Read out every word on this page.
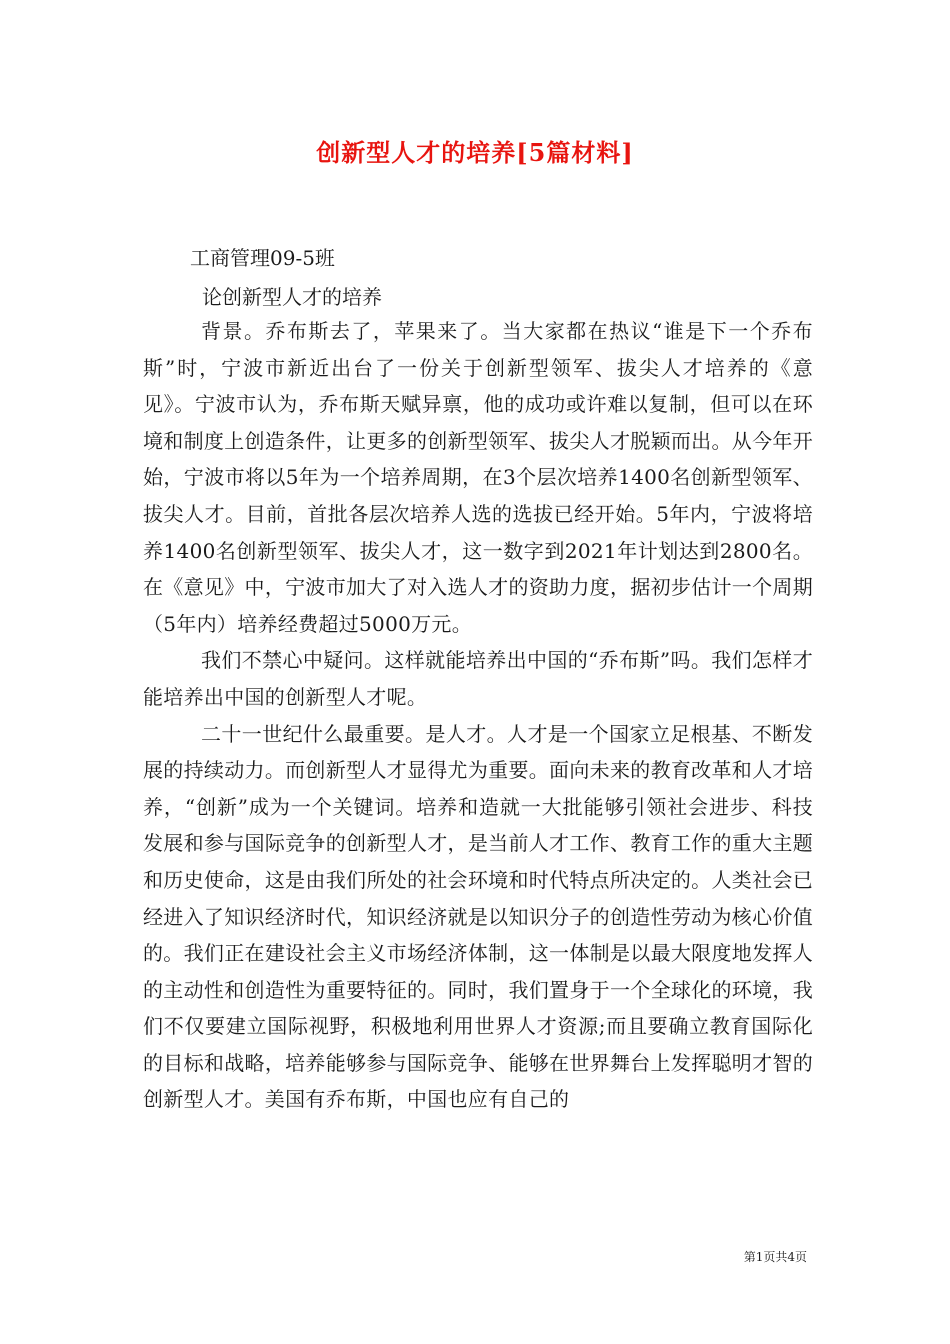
创新型人才的培养[5篇材料]
工商管理09-5班
论创新型人才的培养

背景。乔布斯去了，苹果来了。当大家都在热议“谁是下一个乔布斯”时，宁波市新近出台了一份关于创新型领军、拔尖人才培养的《意见》。宁波市认为，乔布斯天赋异禀，他的成功或许难以复制，但可以在环境和制度上创造条件，让更多的创新型领军、拔尖人才脱颖而出。从今年开始，宁波市将以5年为一个培养周期，在3个层次培养1400名创新型领军、拔尖人才。目前，首批各层次培养人选的选拔已经开始。5年内，宁波将培养1400名创新型领军、拔尖人才，这一数字到2021年计划达到2800名。在《意见》中，宁波市加大了对入选人才的资助力度，据初步估计一个周期（5年内）培养经费超过5000万元。

我们不禁心中疑问。这样就能培养出中国的“乔布斯”吗。我们怎样才能培养出中国的创新型人才呢。

二十一世纪什么最重要。是人才。人才是一个国家立足根基、不断发展的持续动力。而创新型人才显得尤为重要。面向未来的教育改革和人才培养，“创新”成为一个关键词。培养和造就一大批能够引领社会进步、科技发展和参与国际竞争的创新型人才，是当前人才工作、教育工作的重大主题和历史使命，这是由我们所处的社会环境和时代特点所决定的。人类社会已经进入了知识经济时代，知识经济就是以知识分子的创造性劳动为核心价值的。我们正在建设社会主义市场经济体制，这一体制是以最大限度地发挥人的主动性和创造性为重要特征的。同时，我们置身于一个全球化的环境，我们不仅要建立国际视野，积极地利用世界人才资源;而且要确立教育国际化的目标和战略，培养能够参与国际竞争、能够在世界舞台上发挥聪明才智的创新型人才。美国有乔布斯，中国也应有自己的

第1页共4页
